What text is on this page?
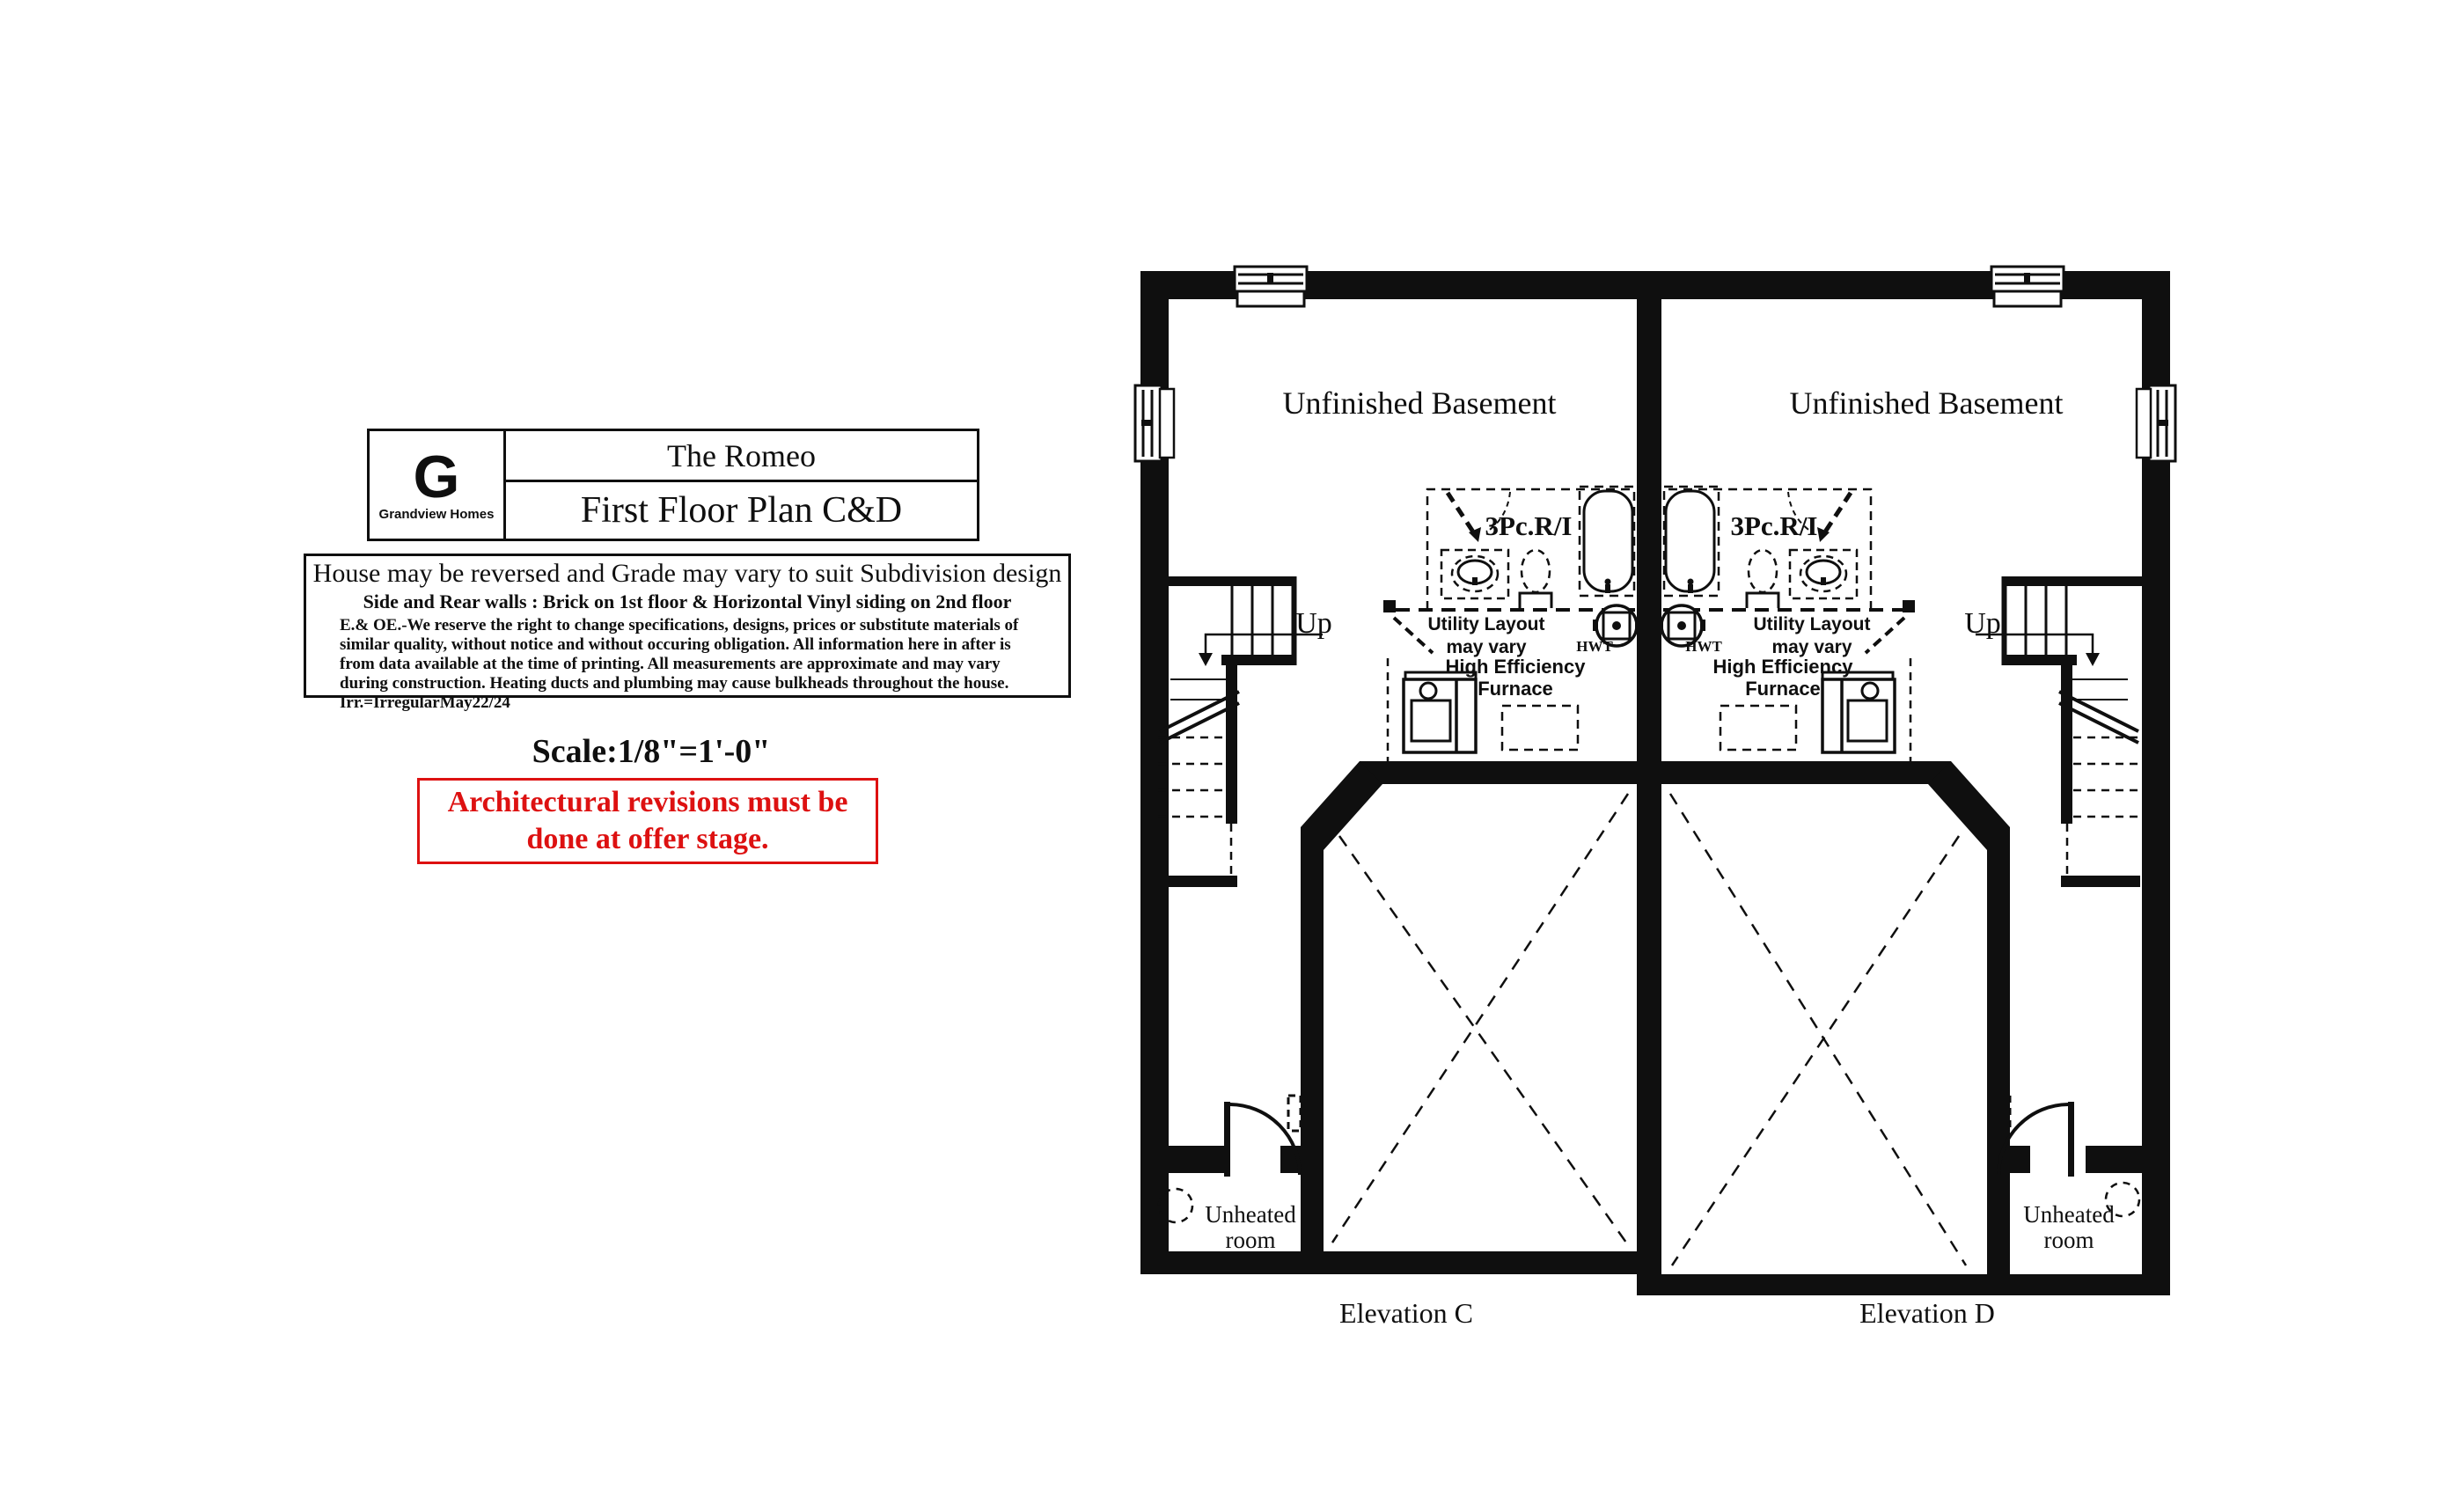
G
Grandview Homes
The Romeo
First Floor Plan C&D
House may be reversed and Grade may vary to suit Subdivision design
Side and Rear walls : Brick on 1st floor & Horizontal Vinyl siding on 2nd floor
E.& OE.-We reserve the right to change specifications, designs, prices or substitute materials of similar quality, without notice and without occuring obligation. All information here in after is from data available at the time of printing. All measurements are approximate and may vary during construction. Heating ducts and plumbing may cause bulkheads throughout the house. Irr.=IrregularMay22/24
Scale:1/8"=1'-0"
Architectural revisions must be
done at offer stage.
Unfinished Basement	Unfinished Basement
Up	Up
3Pc.R/I	3Pc.R/I
Utility Layout
may vary
Utility Layout
may vary
High Efficiency
Furnace
High Efficiency
Furnace
HWT	HWT
Unheated
room
Unheated
room
Elevation C	Elevation D
